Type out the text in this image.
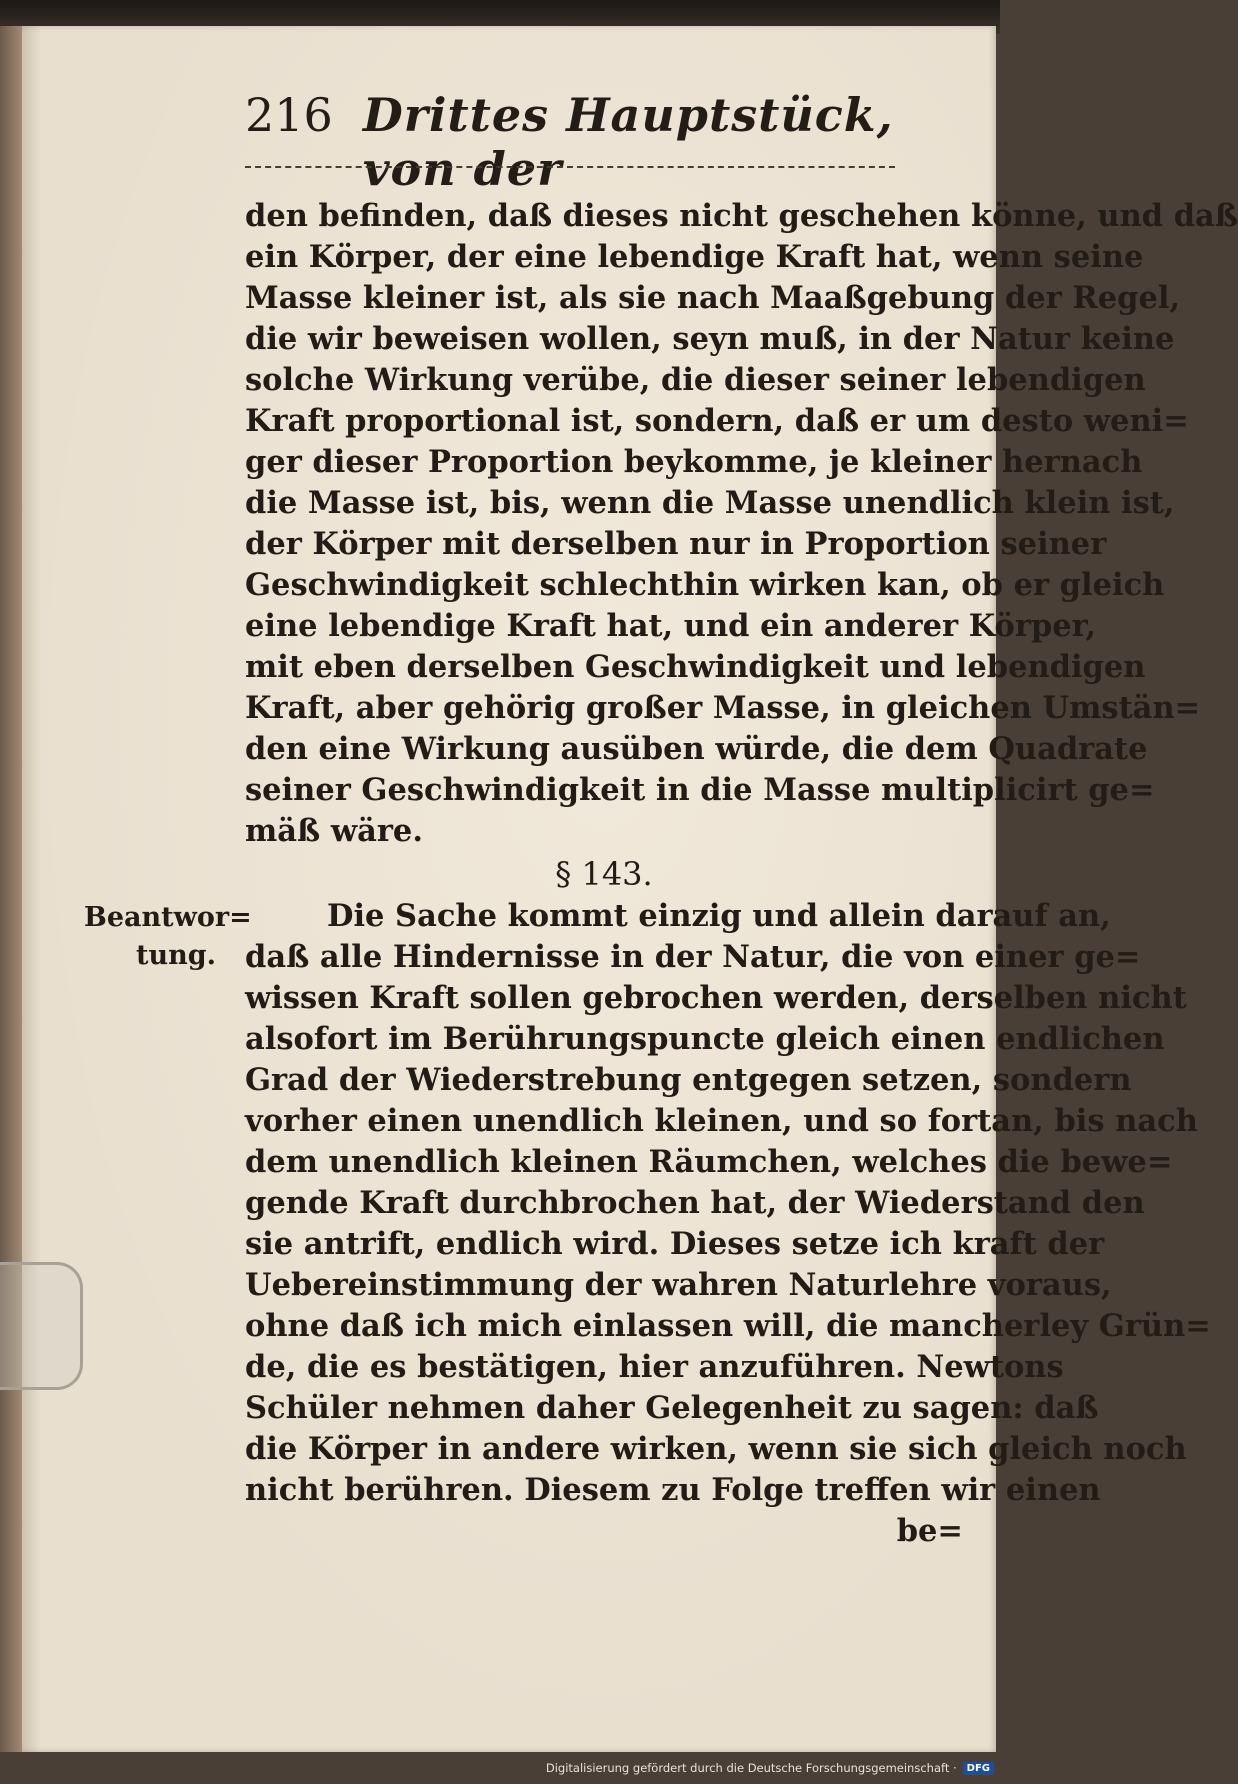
216 Drittes Hauptstück, von der
Beantwor=
tung.
den befinden, daß dieses nicht geschehen könne, und daß
ein Körper, der eine lebendige Kraft hat, wenn seine
Masse kleiner ist, als sie nach Maaßgebung der Regel,
die wir beweisen wollen, seyn muß, in der Natur keine
solche Wirkung verübe, die dieser seiner lebendigen
Kraft proportional ist, sondern, daß er um desto weni=
ger dieser Proportion beykomme, je kleiner hernach
die Masse ist, bis, wenn die Masse unendlich klein ist,
der Körper mit derselben nur in Proportion seiner
Geschwindigkeit schlechthin wirken kan, ob er gleich
eine lebendige Kraft hat, und ein anderer Körper,
mit eben derselben Geschwindigkeit und lebendigen
Kraft, aber gehörig großer Masse, in gleichen Umstän=
den eine Wirkung ausüben würde, die dem Quadrate
seiner Geschwindigkeit in die Masse multiplicirt ge=
mäß wäre.
§ 143.
Die Sache kommt einzig und allein darauf an,
daß alle Hindernisse in der Natur, die von einer ge=
wissen Kraft sollen gebrochen werden, derselben nicht
alsofort im Berührungspuncte gleich einen endlichen
Grad der Wiederstrebung entgegen setzen, sondern
vorher einen unendlich kleinen, und so fortan, bis nach
dem unendlich kleinen Räumchen, welches die bewe=
gende Kraft durchbrochen hat, der Wiederstand den
sie antrift, endlich wird. Dieses setze ich kraft der
Uebereinstimmung der wahren Naturlehre voraus,
ohne daß ich mich einlassen will, die mancherley Grün=
de, die es bestätigen, hier anzuführen. Newtons
Schüler nehmen daher Gelegenheit zu sagen: daß
die Körper in andere wirken, wenn sie sich gleich noch
nicht berühren. Diesem zu Folge treffen wir einen
be=
Digitalisierung gefördert durch die Deutsche Forschungsgemeinschaft ·	DFG
